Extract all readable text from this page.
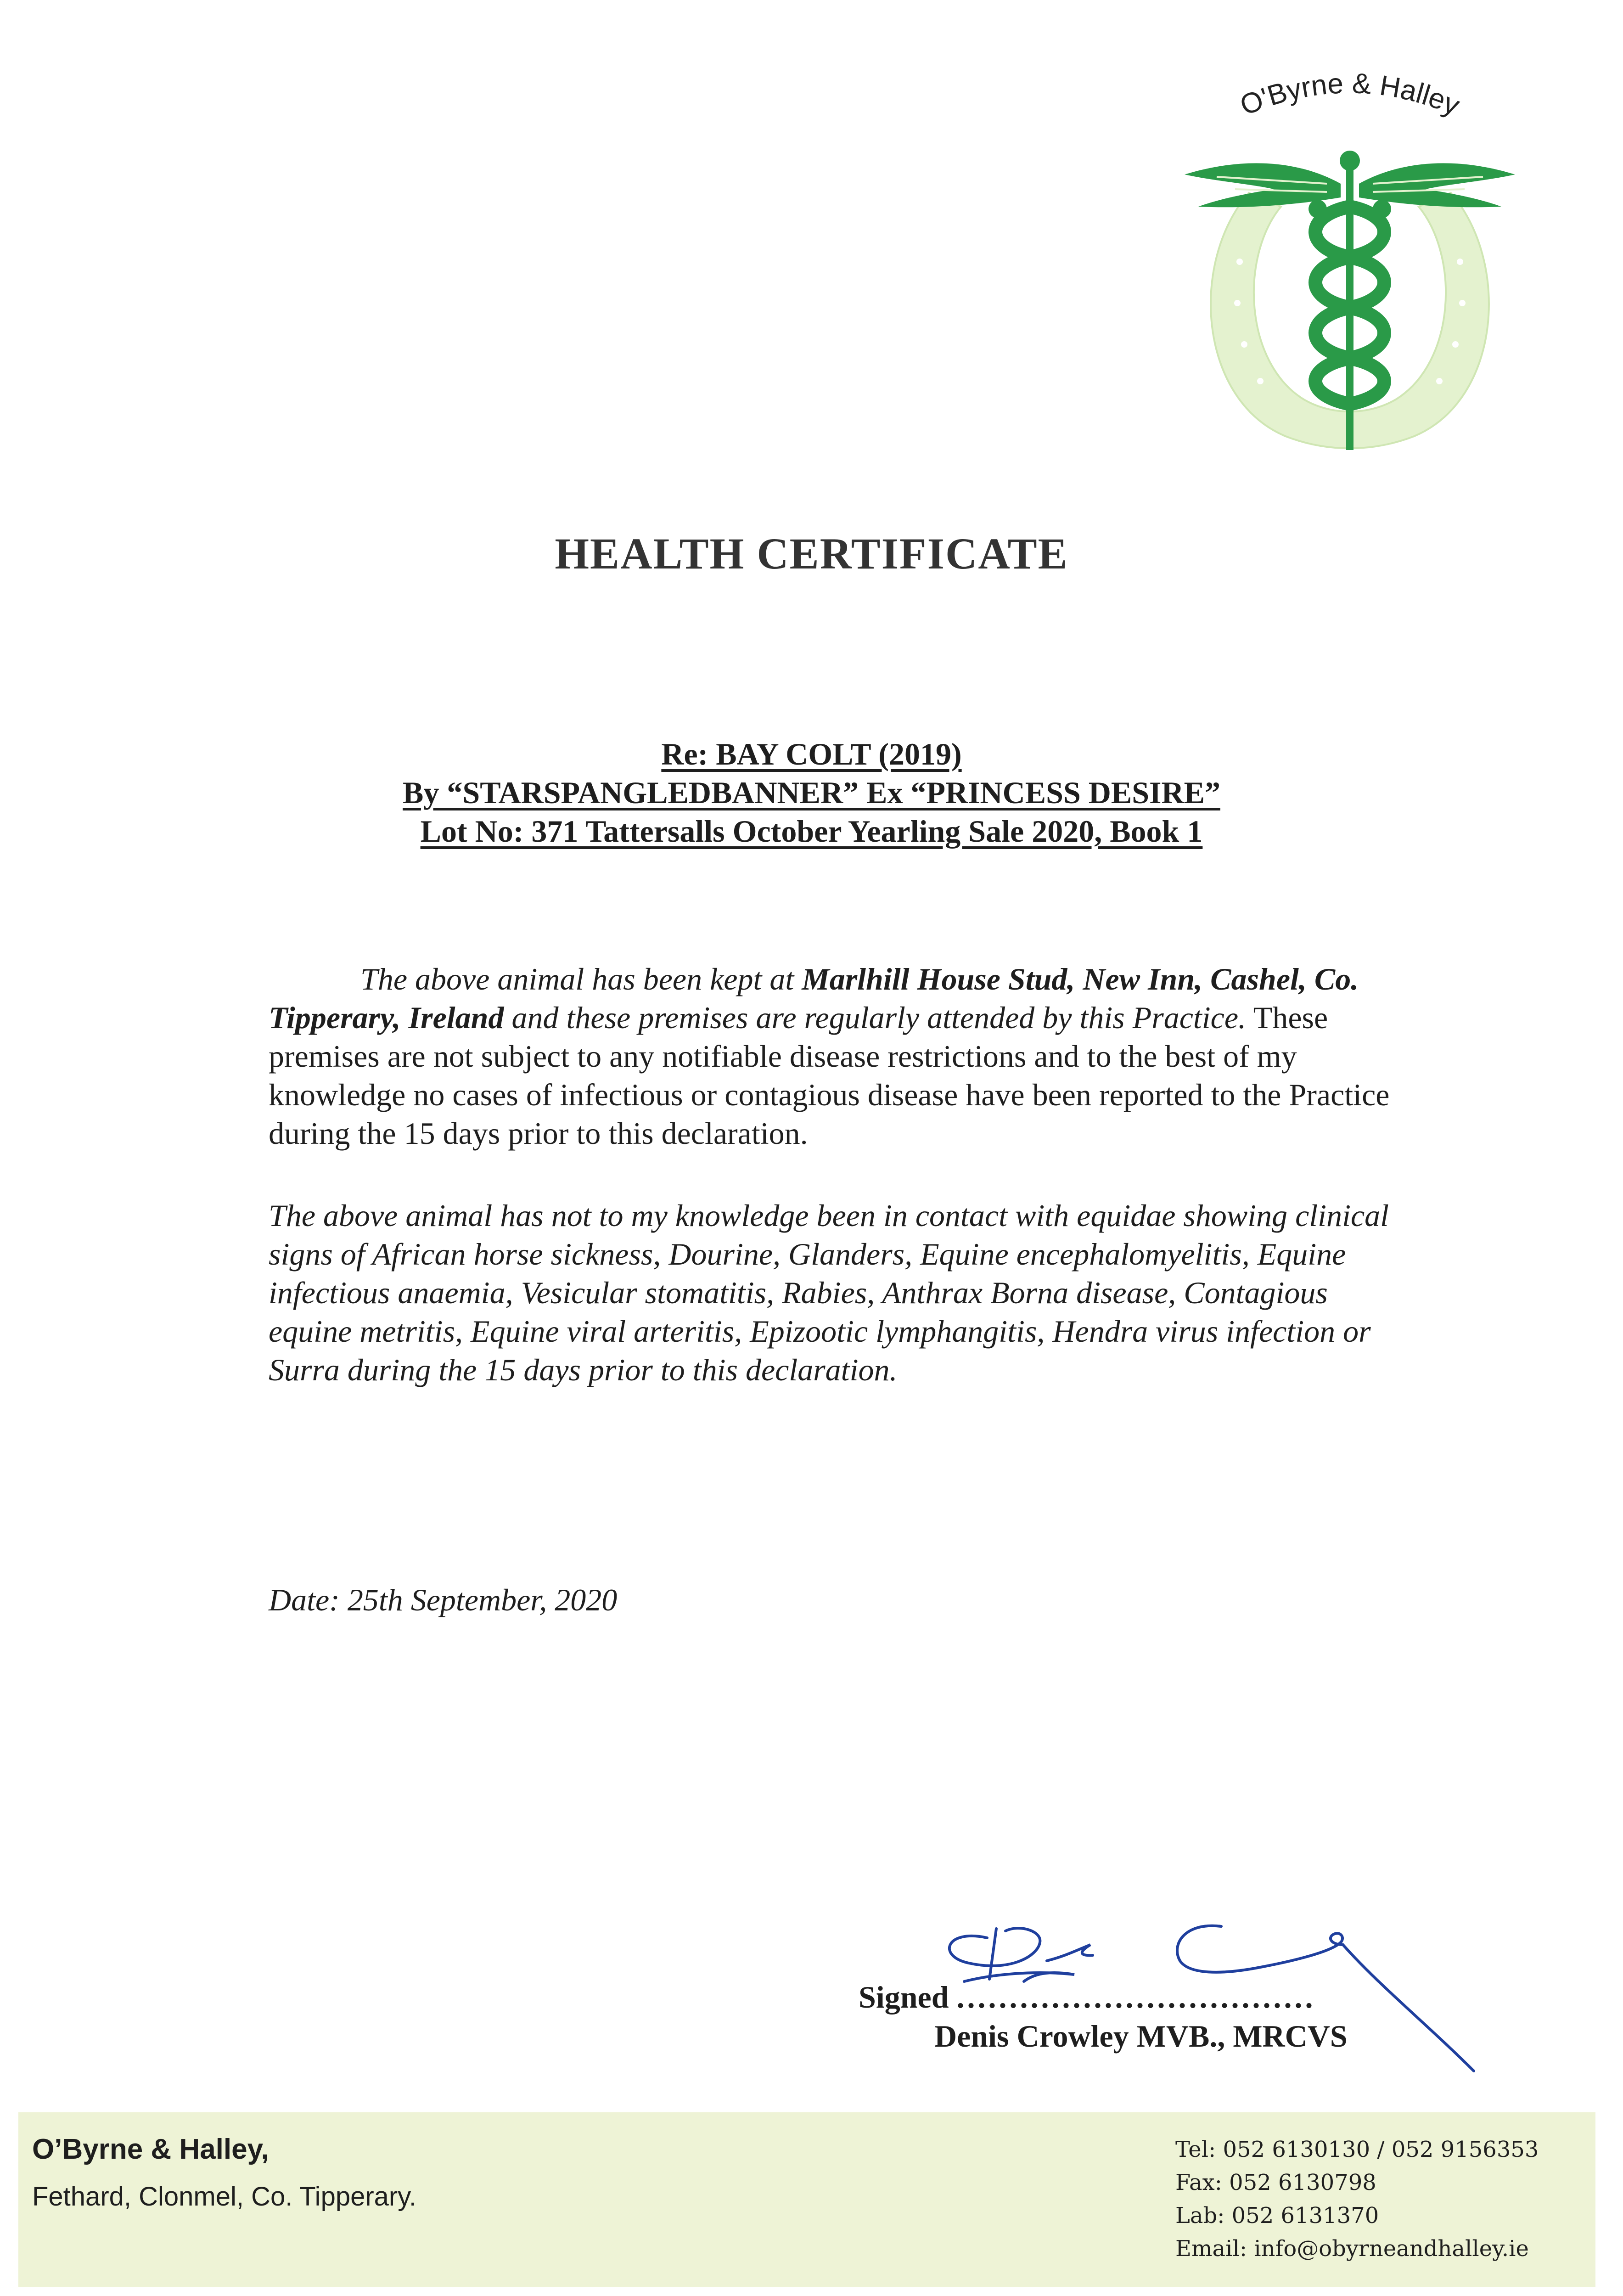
O'Byrne & Halley
HEALTH CERTIFICATE
Re: BAY COLT (2019)
By “STARSPANGLEDBANNER” Ex “PRINCESS DESIRE”
Lot No: 371 Tattersalls October Yearling Sale 2020, Book 1
The above animal has been kept at Marlhill House Stud, New Inn, Cashel, Co. Tipperary, Ireland and these premises are regularly attended by this Practice. These premises are not subject to any notifiable disease restrictions and to the best of my knowledge no cases of infectious or contagious disease have been reported to the Practice during the 15 days prior to this declaration.
The above animal has not to my knowledge been in contact with equidae showing clinical signs of African horse sickness, Dourine, Glanders, Equine encephalomyelitis, Equine infectious anaemia, Vesicular stomatitis, Rabies, Anthrax Borna disease, Contagious equine metritis, Equine viral arteritis, Epizootic lymphangitis, Hendra virus infection or Surra during the 15 days prior to this declaration.
Date: 25th September, 2020
Signed ..................................
Denis Crowley MVB., MRCVS
O’Byrne & Halley,
Fethard, Clonmel, Co. Tipperary.
Tel: 052 6130130 / 052 9156353
Fax: 052 6130798
Lab: 052 6131370
Email: info@obyrneandhalley.ie
